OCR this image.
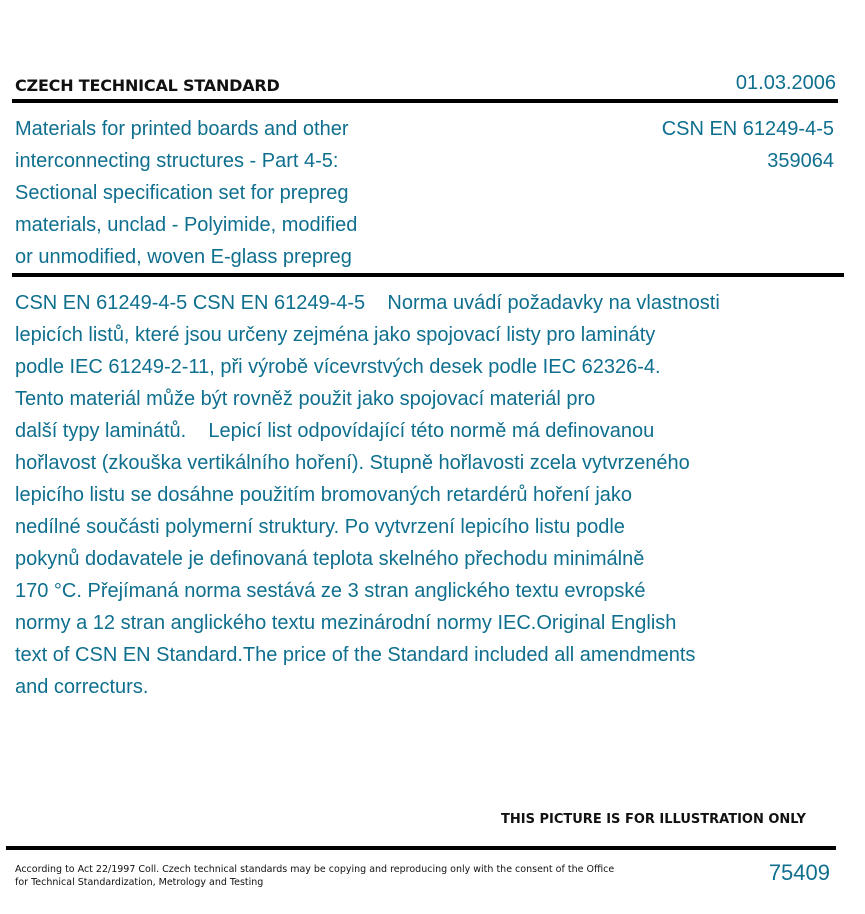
CZECH TECHNICAL STANDARD	01.03.2006
Materials for printed boards and other
interconnecting structures - Part 4-5:
Sectional specification set for prepreg
materials, unclad - Polyimide, modified
or unmodified, woven E-glass prepreg
CSN EN 61249-4-5
359064
CSN EN 61249-4-5 CSN EN 61249-4-5    Norma uvádí požadavky na vlastnosti
lepicích listů, které jsou určeny zejména jako spojovací listy pro lamináty
podle IEC 61249-2-11, při výrobě vícevrstvých desek podle IEC 62326-4.
Tento materiál může být rovněž použit jako spojovací materiál pro
další typy laminátů.    Lepicí list odpovídající této normě má definovanou
hořlavost (zkouška vertikálního hoření). Stupně hořlavosti zcela vytvrzeného
lepicího listu se dosáhne použitím bromovaných retardérů hoření jako
nedílné součásti polymerní struktury. Po vytvrzení lepicího listu podle
pokynů dodavatele je definovaná teplota skelného přechodu minimálně
170 °C. Přejímaná norma sestává ze 3 stran anglického textu evropské
normy a 12 stran anglického textu mezinárodní normy IEC.Original English
text of CSN EN Standard.The price of the Standard included all amendments
and correcturs.
THIS PICTURE IS FOR ILLUSTRATION ONLY
According to Act 22/1997 Coll. Czech technical standards may be copying and reproducing only with the consent of the Office
for Technical Standardization, Metrology and Testing	75409
